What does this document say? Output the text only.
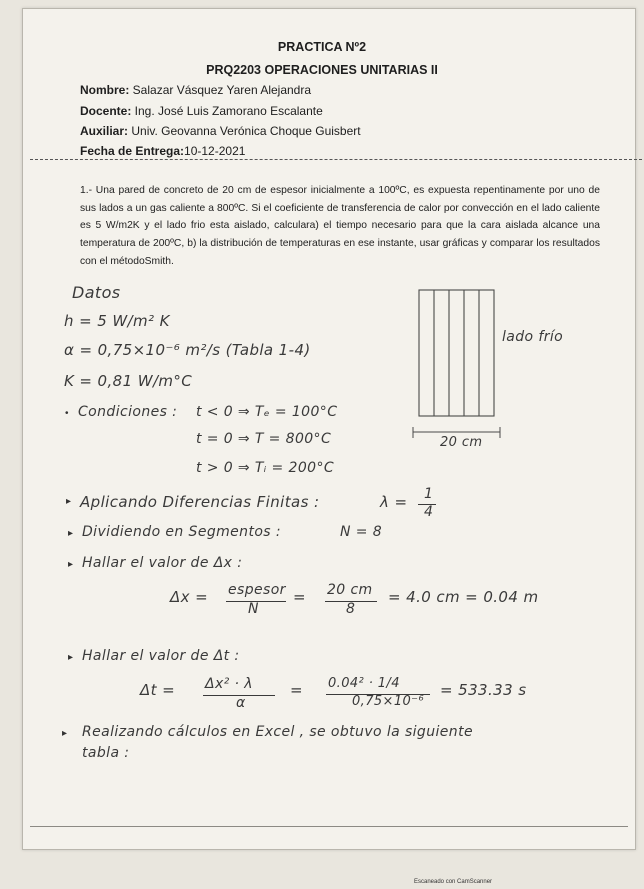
PRACTICA Nº2
PRQ2203 OPERACIONES UNITARIAS II
Nombre: Salazar Vásquez Yaren Alejandra
Docente: Ing. José Luis Zamorano Escalante
Auxiliar: Univ. Geovanna Verónica Choque Guisbert
Fecha de Entrega:10-12-2021
1.- Una pared de concreto de 20 cm de espesor inicialmente a 100ºC, es expuesta repentinamente por uno de sus lados a un gas caliente a 800ºC. Si el coeficiente de transferencia de calor por convección en el lado caliente es 5 W/m2K y el lado frio esta aislado, calculara) el tiempo necesario para que la cara aislada alcance una temperatura de 200ºC, b) la distribución de temperaturas en ese instante, usar gráficas y comparar los resultados con el métodoSmith.
Datos
h = 5 W/m² K
α = 0,75×10⁻⁶ m²/s (Tabla 1-4)
K = 0,81 W/m°C
• Condiciones : t < 0 ⇒ Tₑ = 100°C
t = 0 ⇒ T = 800°C
t > 0 ⇒ Tᵢ = 200°C
20 cm
lado frío
▸ Aplicando Diferencias Finitas :	λ = 1
4
▸ Dividiendo en Segmentos :	N = 8
▸ Hallar el valor de Δx :
Δx = espesor
N
= 20 cm
8
= 4.0 cm = 0.04 m
▸ Hallar el valor de Δt :
Δt = Δx² · λ
α
= 0.04² · 1/4
0,75×10⁻⁶
= 533.33 s
▸ Realizando cálculos en Excel , se obtuvo la siguiente
tabla :
Escaneado con CamScanner
